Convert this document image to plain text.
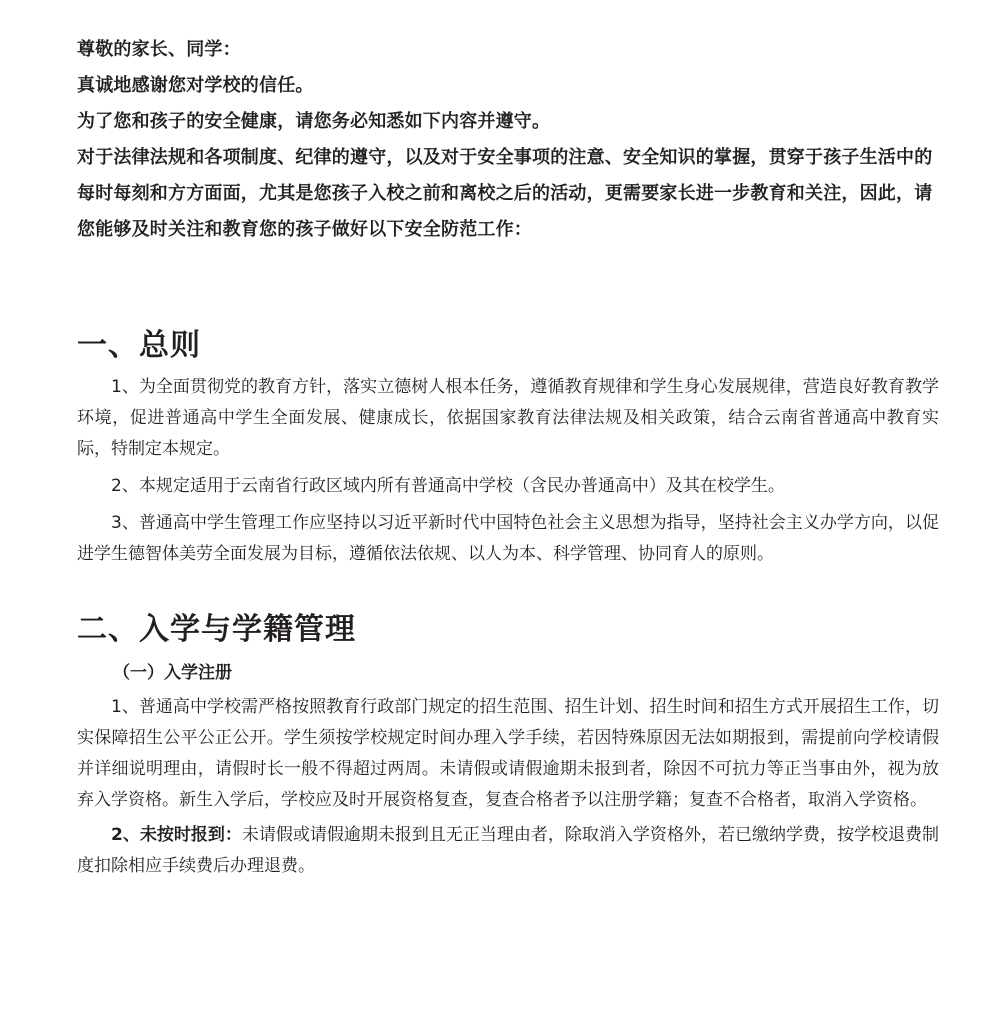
尊敬的家长、同学：

真诚地感谢您对学校的信任。

为了您和孩子的安全健康，请您务必知悉如下内容并遵守。

对于法律法规和各项制度、纪律的遵守，以及对于安全事项的注意、安全知识的掌握，贯穿于孩子生活中的每时每刻和方方面面，尤其是您孩子入校之前和离校之后的活动，更需要家长进一步教育和关注，因此，请您能够及时关注和教育您的孩子做好以下安全防范工作：

一、总则

1、为全面贯彻党的教育方针，落实立德树人根本任务，遵循教育规律和学生身心发展规律，营造良好教育教学环境，促进普通高中学生全面发展、健康成长，依据国家教育法律法规及相关政策，结合云南省普通高中教育实际，特制定本规定。

2、本规定适用于云南省行政区域内所有普通高中学校（含民办普通高中）及其在校学生。

3、普通高中学生管理工作应坚持以习近平新时代中国特色社会主义思想为指导，坚持社会主义办学方向，以促进学生德智体美劳全面发展为目标，遵循依法依规、以人为本、科学管理、协同育人的原则。

二、入学与学籍管理
（一）入学注册

1、普通高中学校需严格按照教育行政部门规定的招生范围、招生计划、招生时间和招生方式开展招生工作，切实保障招生公平公正公开。学生须按学校规定时间办理入学手续，若因特殊原因无法如期报到，需提前向学校请假并详细说明理由，请假时长一般不得超过两周。未请假或请假逾期未报到者，除因不可抗力等正当事由外，视为放弃入学资格。新生入学后，学校应及时开展资格复查，复查合格者予以注册学籍；复查不合格者，取消入学资格。

2、未按时报到：未请假或请假逾期未报到且无正当理由者，除取消入学资格外，若已缴纳学费，按学校退费制度扣除相应手续费后办理退费。
